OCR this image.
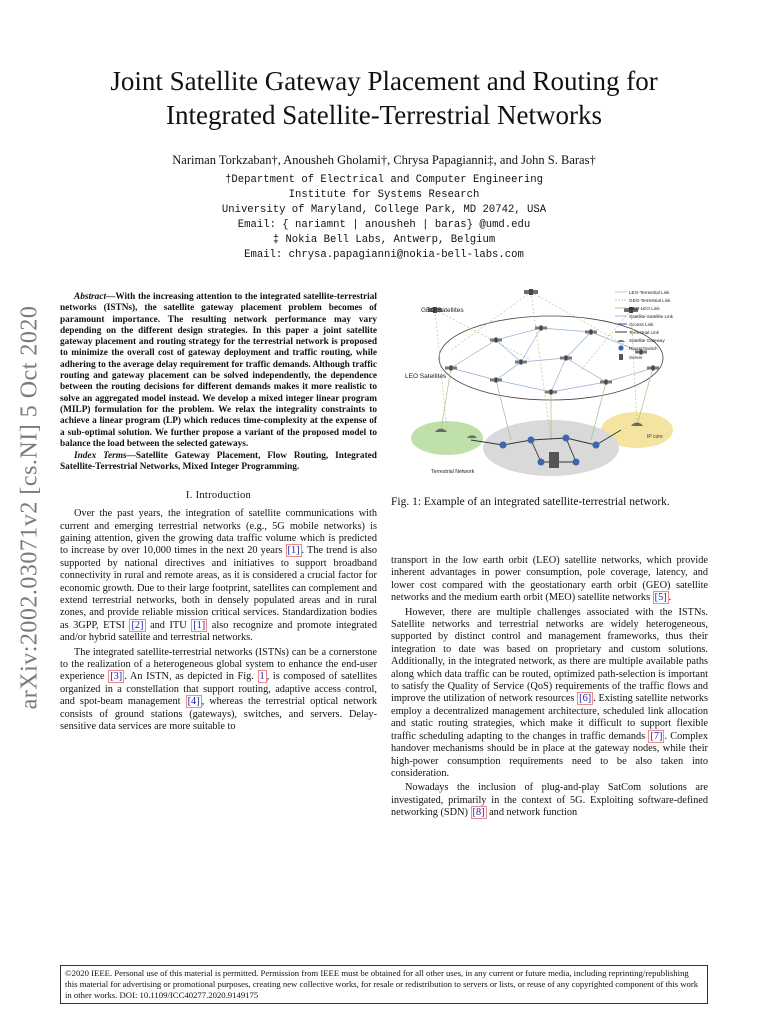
Joint Satellite Gateway Placement and Routing for
Integrated Satellite-Terrestrial Networks
Nariman Torkzaban†, Anousheh Gholami†, Chrysa Papagianni‡, and John S. Baras†
†Department of Electrical and Computer Engineering
Institute for Systems Research
University of Maryland, College Park, MD 20742, USA
Email: { nariamnt | anousheh | baras} @umd.edu
‡ Nokia Bell Labs, Antwerp, Belgium
Email: chrysa.papagianni@nokia-bell-labs.com
arXiv:2002.03071v2 [cs.NI] 5 Oct 2020

Abstract—With the increasing attention to the integrated satellite-terrestrial networks (ISTNs), the satellite gateway placement problem becomes of paramount importance. The resulting network performance may vary depending on the different design strategies. In this paper a joint satellite gateway placement and routing strategy for the terrestrial network is proposed to minimize the overall cost of gateway deployment and traffic routing, while adhering to the average delay requirement for traffic demands. Although traffic routing and gateway placement can be solved independently, the dependence between the routing decisions for different demands makes it more realistic to solve an aggregated model instead. We develop a mixed integer linear program (MILP) formulation for the problem. We relax the integrality constraints to achieve a linear program (LP) which reduces time-complexity at the expense of a sub-optimal solution. We further propose a variant of the proposed model to balance the load between the selected gateways.

Index Terms—Satellite Gateway Placement, Flow Routing, Integrated Satellite-Terrestrial Networks, Mixed Integer Programming.

I. Introduction

Over the past years, the integration of satellite communications with current and emerging terrestrial networks (e.g., 5G mobile networks) is gaining attention, given the growing data traffic volume which is predicted to increase by over 10,000 times in the next 20 years [1] . The trend is also supported by national directives and initiatives to support broadband connectivity in rural and remote areas, as it is considered a crucial factor for economic growth. Due to their large footprint, satellites can complement and extend terrestrial networks, both in densely populated areas and in rural zones, and provide reliable mission critical services. Standardization bodies as 3GPP, ETSI [2] and ITU [1] also recognize and promote integrated and/or hybrid satellite and terrestrial networks.

The integrated satellite-terrestrial networks (ISTNs) can be a cornerstone to the realization of a heterogeneous global system to enhance the end-user experience [3] . An ISTN, as depicted in Fig. 1 , is composed of satellites organized in a constellation that support routing, adaptive access control, and spot-beam management [4] , whereas the terrestrial optical network consists of ground stations (gateways), switches, and servers. Delay-sensitive data services are more suitable to

GEO Satellites
LEO Satellites
Terrestrial Network
IP core
LEO-Terrestrial Link
GEO-Terrestrial Link
GEO-LEO Link
Satellite-Satellite Link
Access Link
Terrestrial Link
Satellite Gateway
Router/Switch
Server
Fig. 1: Example of an integrated satellite-terrestrial network.

transport in the low earth orbit (LEO) satellite networks, which provide inherent advantages in power consumption, pole coverage, latency, and lower cost compared with the geostationary earth orbit (GEO) satellite networks and the medium earth orbit (MEO) satellite networks [5] .

However, there are multiple challenges associated with the ISTNs. Satellite networks and terrestrial networks are widely heterogeneous, supported by distinct control and management frameworks, thus their integration to date was based on proprietary and custom solutions. Additionally, in the integrated network, as there are multiple available paths along which data traffic can be routed, optimized path-selection is important to satisfy the Quality of Service (QoS) requirements of the traffic flows and improve the utilization of network resources [6] . Existing satellite networks employ a decentralized management architecture, scheduled link allocation and static routing strategies, which make it difficult to support flexible traffic scheduling adapting to the changes in traffic demands [7] . Complex handover mechanisms should be in place at the gateway nodes, while their high-power consumption requirements need to be also taken into consideration.

Nowadays the inclusion of plug-and-play SatCom solutions are investigated, primarily in the context of 5G. Exploiting software-defined networking (SDN) [8] and network function

©2020 IEEE. Personal use of this material is permitted. Permission from IEEE must be obtained for all other uses, in any current or future media, including reprinting/republishing this material for advertising or promotional purposes, creating new collective works, for resale or redistribution to servers or lists, or reuse of any copyrighted component of this work in other works. DOI: 10.1109/ICC40277.2020.9149175
